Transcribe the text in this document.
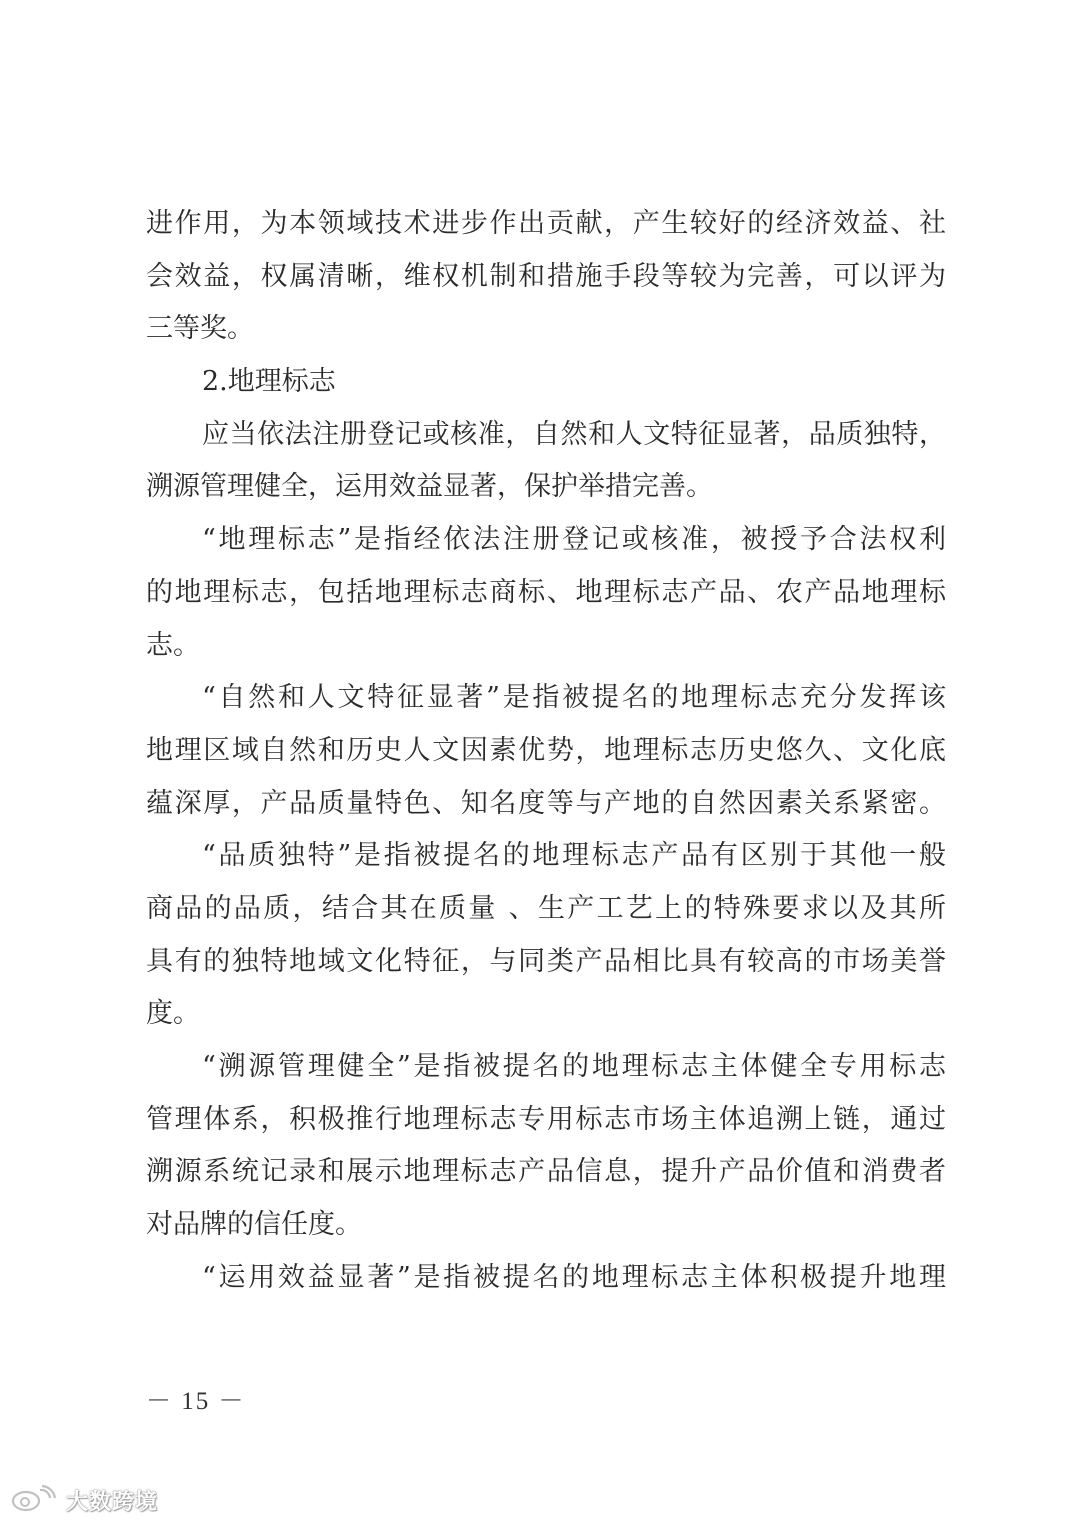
进作用，为本领域技术进步作出贡献，产生较好的经济效益、社
会效益，权属清晰，维权机制和措施手段等较为完善，可以评为
三等奖。
2.地理标志
应当依法注册登记或核准，自然和人文特征显著，品质独特，
溯源管理健全，运用效益显著，保护举措完善。
“地理标志”是指经依法注册登记或核准，被授予合法权利
的地理标志，包括地理标志商标、地理标志产品、农产品地理标
志。
“自然和人文特征显著”是指被提名的地理标志充分发挥该
地理区域自然和历史人文因素优势，地理标志历史悠久、文化底
蕴深厚，产品质量特色、知名度等与产地的自然因素关系紧密。
“品质独特”是指被提名的地理标志产品有区别于其他一般
商品的品质，结合其在质量 、生产工艺上的特殊要求以及其所
具有的独特地域文化特征，与同类产品相比具有较高的市场美誉
度。
“溯源管理健全”是指被提名的地理标志主体健全专用标志
管理体系，积极推行地理标志专用标志市场主体追溯上链，通过
溯源系统记录和展示地理标志产品信息，提升产品价值和消费者
对品牌的信任度。
“运用效益显著”是指被提名的地理标志主体积极提升地理
－ 15 －
大数跨境
